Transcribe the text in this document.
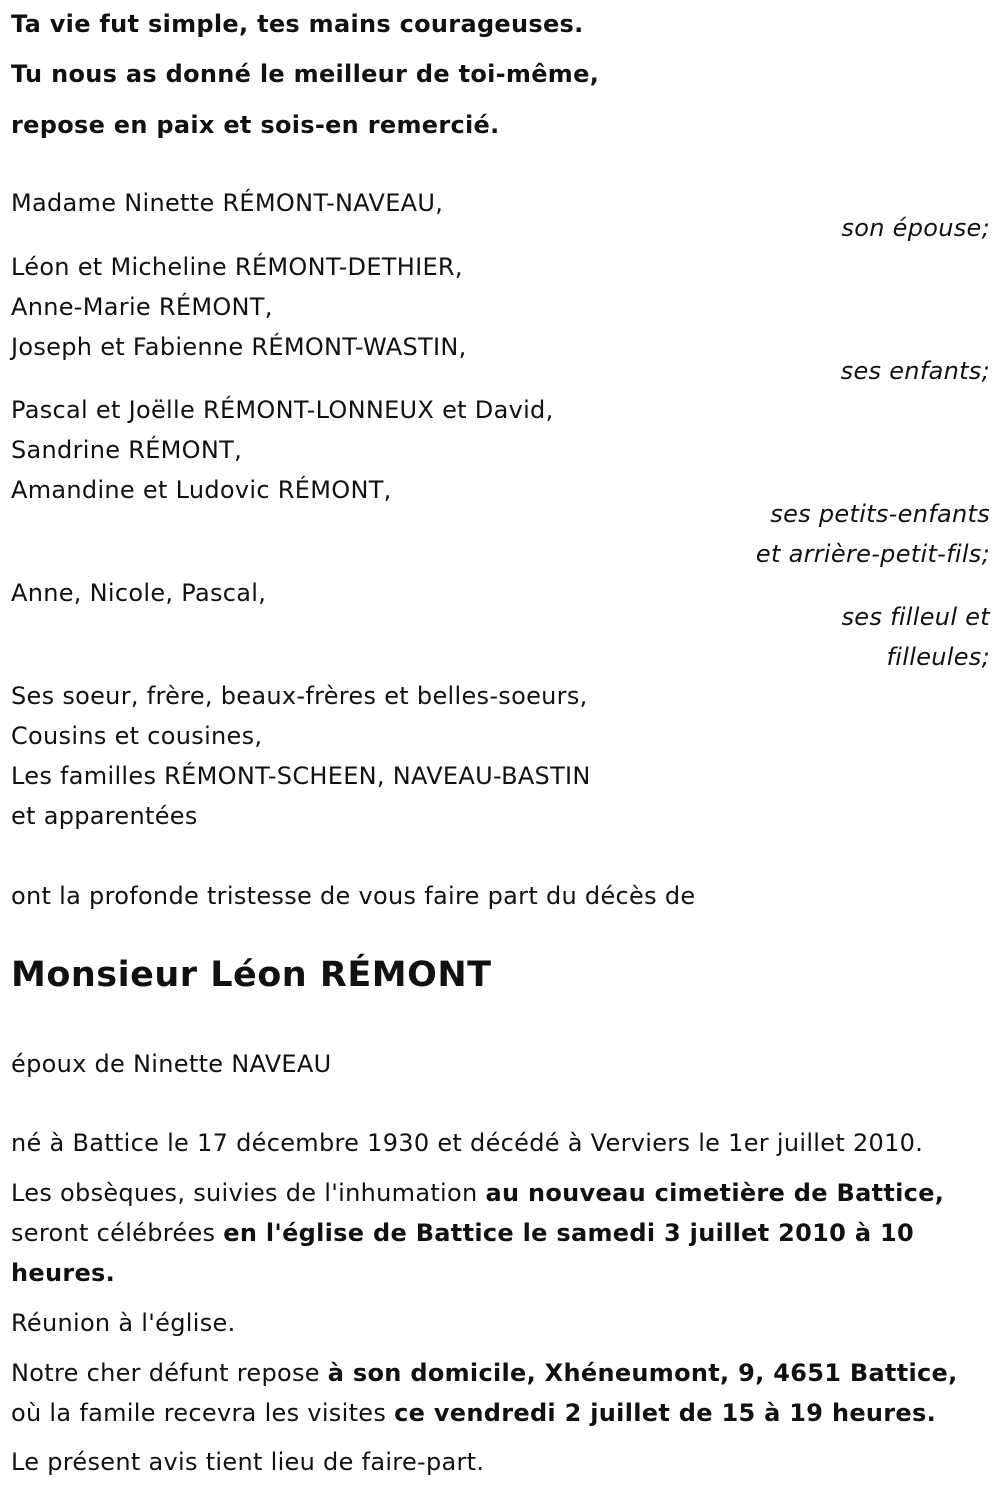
Ta vie fut simple, tes mains courageuses.
Tu nous as donné le meilleur de toi-même,
repose en paix et sois-en remercié.
Madame Ninette RÉMONT-NAVEAU,
son épouse;
Léon et Micheline RÉMONT-DETHIER,
Anne-Marie RÉMONT,
Joseph et Fabienne RÉMONT-WASTIN,
ses enfants;
Pascal et Joëlle RÉMONT-LONNEUX et David,
Sandrine RÉMONT,
Amandine et Ludovic RÉMONT,
ses petits-enfants
et arrière-petit-fils;
Anne, Nicole, Pascal,
ses filleul et
filleules;
Ses soeur, frère, beaux-frères et belles-soeurs,
Cousins et cousines,
Les familles RÉMONT-SCHEEN, NAVEAU-BASTIN
et apparentées
ont la profonde tristesse de vous faire part du décès de
Monsieur Léon RÉMONT
époux de Ninette NAVEAU
né à Battice le 17 décembre 1930 et décédé à Verviers le 1er juillet 2010.
Les obsèques, suivies de l'inhumation au nouveau cimetière de Battice,
seront célébrées en l'église de Battice le samedi 3 juillet 2010 à 10
heures.
Réunion à l'église.
Notre cher défunt repose à son domicile, Xhéneumont, 9, 4651 Battice,
où la famile recevra les visites ce vendredi 2 juillet de 15 à 19 heures.
Le présent avis tient lieu de faire-part.
